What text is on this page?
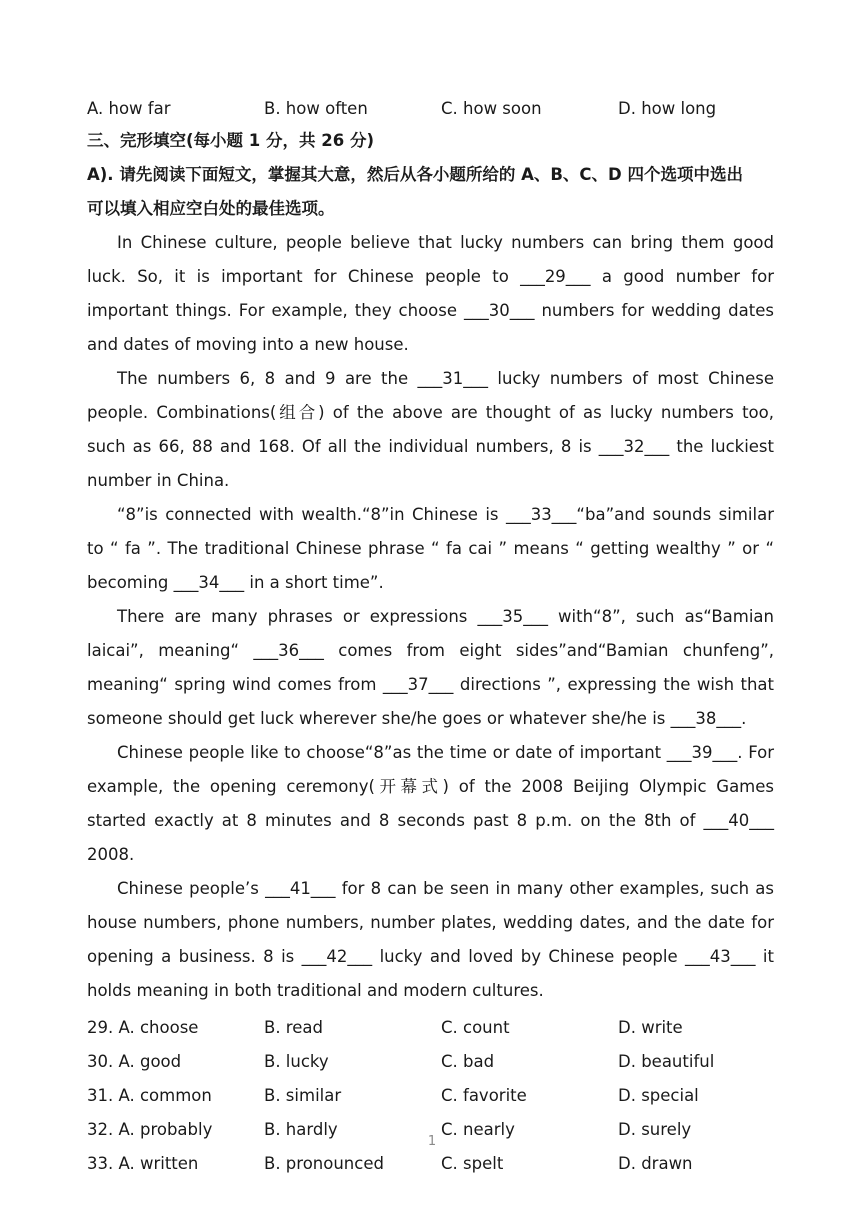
A. how far	B. how often	C. how soon	D. how long

三、完形填空(每小题 1 分，共 26 分)

A). 请先阅读下面短文，掌握其大意，然后从各小题所给的 A、B、C、D 四个选项中选出

可以填入相应空白处的最佳选项。

In Chinese culture, people believe that lucky numbers can bring them good luck. So, it is important for Chinese people to ___29___ a good number for important things. For example, they choose ___30___ numbers for wedding dates and dates of moving into a new house.

The numbers 6, 8 and 9 are the ___31___ lucky numbers of most Chinese people. Combinations(组合) of the above are thought of as lucky numbers too, such as 66, 88 and 168. Of all the individual numbers, 8 is ___32___ the luckiest number in China.

“8”is connected with wealth.“8”in Chinese is ___33___“ba”and sounds similar to “ fa ”. The traditional Chinese phrase “ fa cai ” means “ getting wealthy ” or “ becoming ___34___ in a short time”.

There are many phrases or expressions ___35___ with“8”, such as“Bamian laicai”, meaning“ ___36___ comes from eight sides”and“Bamian chunfeng”, meaning“ spring wind comes from ___37___ directions ”, expressing the wish that someone should get luck wherever she/he goes or whatever she/he is ___38___.

Chinese people like to choose“8”as the time or date of important ___39___. For example, the opening ceremony(开幕式) of the 2008 Beijing Olympic Games started exactly at 8 minutes and 8 seconds past 8 p.m. on the 8th of ___40___ 2008.

Chinese people’s ___41___ for 8 can be seen in many other examples, such as house numbers, phone numbers, number plates, wedding dates, and the date for opening a business. 8 is ___42___ lucky and loved by Chinese people ___43___ it holds meaning in both traditional and modern cultures.

29. A. choose	B. read	C. count	D. write
30. A. good	B. lucky	C. bad	D. beautiful
31. A. common	B. similar	C. favorite	D. special
32. A. probably	B. hardly	C. nearly	D. surely
33. A. written	B. pronounced	C. spelt	D. drawn
1
